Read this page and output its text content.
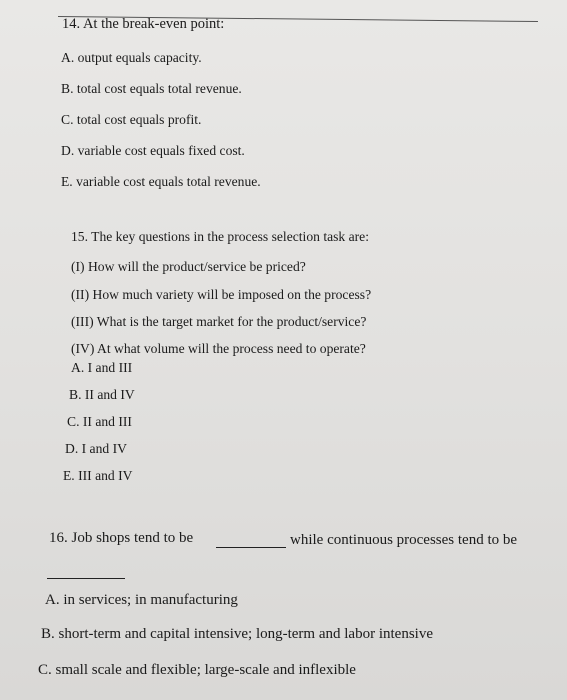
14. At the break-even point:
A. output equals capacity.
B. total cost equals total revenue.
C. total cost equals profit.
D. variable cost equals fixed cost.
E. variable cost equals total revenue.
15. The key questions in the process selection task are:
(I) How will the product/service be priced?
(II) How much variety will be imposed on the process?
(III) What is the target market for the product/service?
(IV) At what volume will the process need to operate?
A. I and III
B. II and IV
C. II and III
D. I and IV
E. III and IV
16. Job shops tend to be	while continuous processes tend to be
A. in services; in manufacturing
B. short-term and capital intensive; long-term and labor intensive
C. small scale and flexible; large-scale and inflexible
